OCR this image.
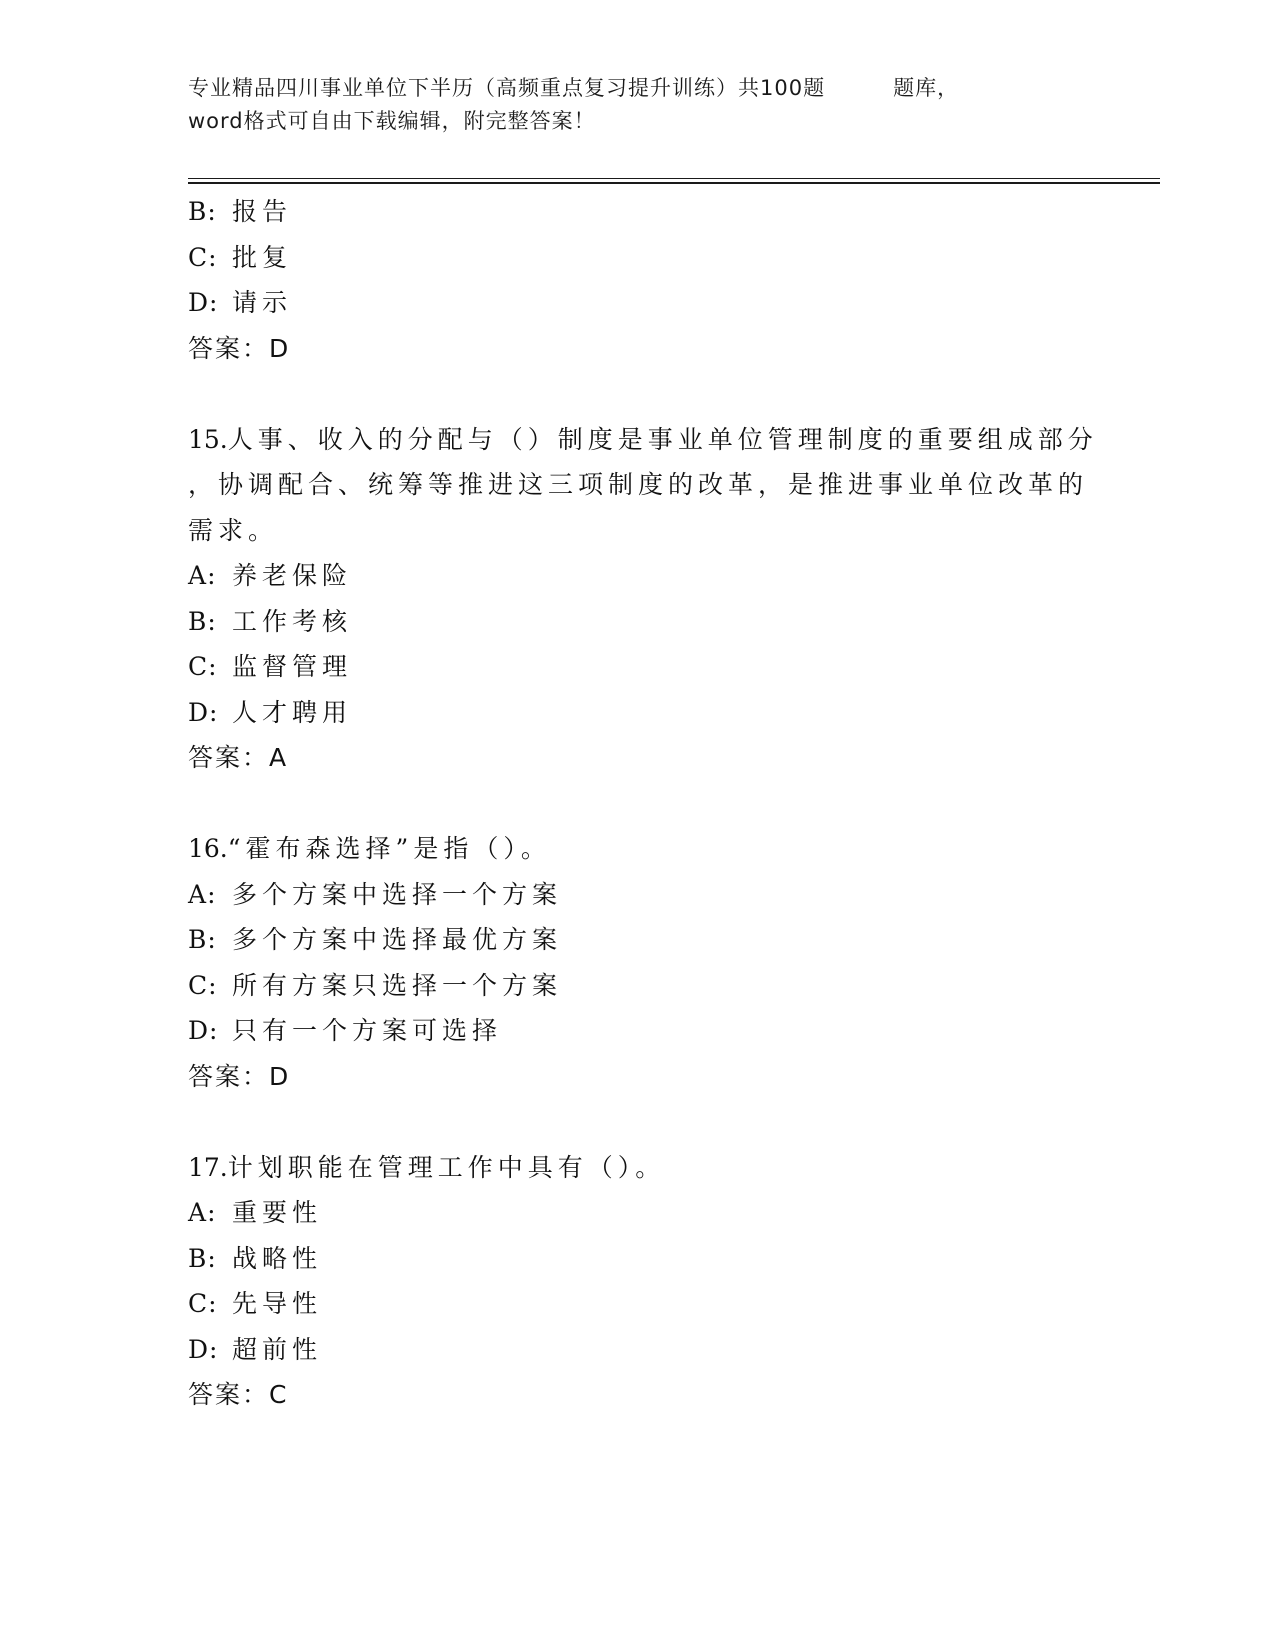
专业精品四川事业单位下半历（高频重点复习提升训练）共100题	题库，
word格式可自由下载编辑，附完整答案！
B: 报告
C: 批复
D: 请示
答案：D
15.人事、收入的分配与（）制度是事业单位管理制度的重要组成部分
，协调配合、统筹等推进这三项制度的改革，是推进事业单位改革的
需求。
A: 养老保险
B: 工作考核
C: 监督管理
D: 人才聘用
答案：A
16.“霍布森选择”是指（）。
A: 多个方案中选择一个方案
B: 多个方案中选择最优方案
C: 所有方案只选择一个方案
D: 只有一个方案可选择
答案：D
17.计划职能在管理工作中具有（）。
A: 重要性
B: 战略性
C: 先导性
D: 超前性
答案：C
